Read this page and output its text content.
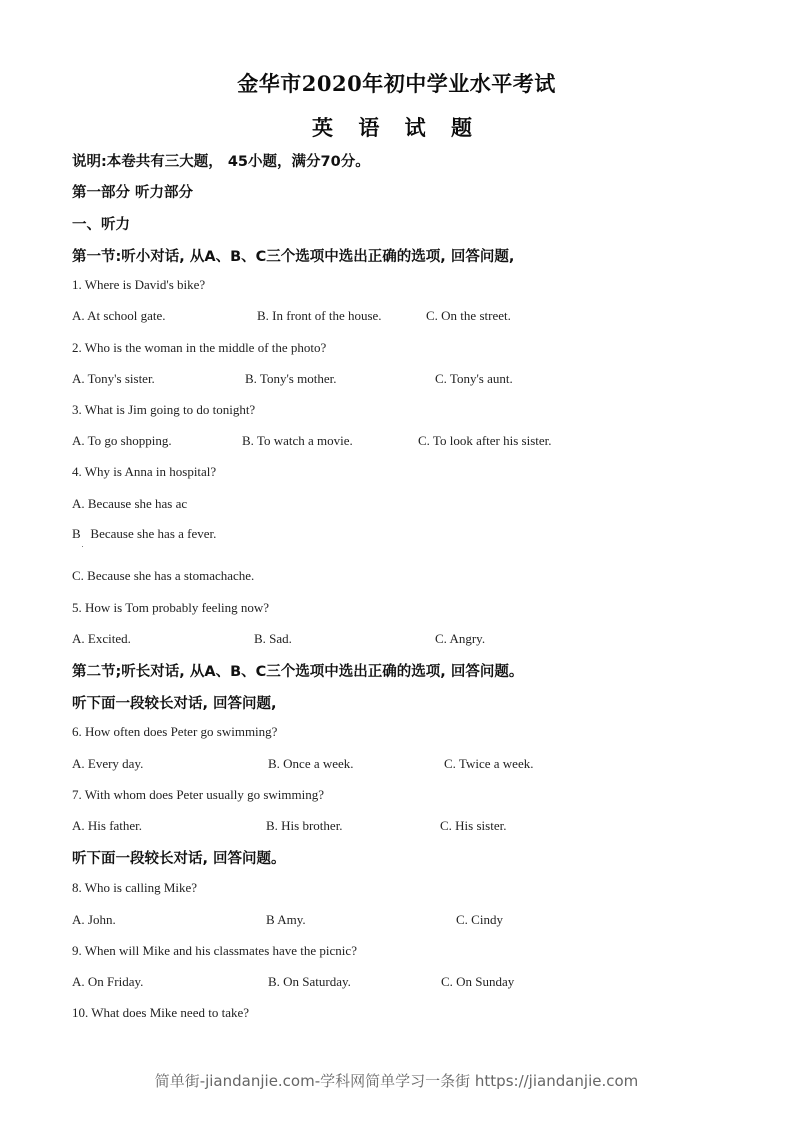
金华市2020年初中学业水平考试
英 语 试 题
说明:本卷共有三大题， 45小题，满分70分。
第一部分 听力部分
一、听力
第一节:听小对话, 从A、B、C三个选项中选出正确的选项, 回答问题,
1. Where is David's bike?
A. At school gate.	B. In front of the house.	C. On the street.
2. Who is the woman in the middle of the photo?
A. Tony's sister.	B. Tony's mother.	C. Tony's aunt.
3. What is Jim going to do tonight?
A. To go shopping.	B. To watch a movie.	C. To look after his sister.
4. Why is Anna in hospital?
A. Because she has ac
B   Because she has a fever.
C. Because she has a stomachache.
5. How is Tom probably feeling now?
A. Excited.	B. Sad.	C. Angry.
第二节;听长对话, 从A、B、C三个选项中选出正确的选项, 回答问题。
听下面一段较长对话, 回答问题,
6. How often does Peter go swimming?
A. Every day.	B. Once a week.	C. Twice a week.
7. With whom does Peter usually go swimming?
A. His father.	B. His brother.	C. His sister.
听下面一段较长对话, 回答问题。
8. Who is calling Mike?
A. John.	B Amy.	C. Cindy
9. When will Mike and his classmates have the picnic?
A. On Friday.	B. On Saturday.	C. On Sunday
10. What does Mike need to take?
简单街-jiandanjie.com-学科网简单学习一条街 https://jiandanjie.com
